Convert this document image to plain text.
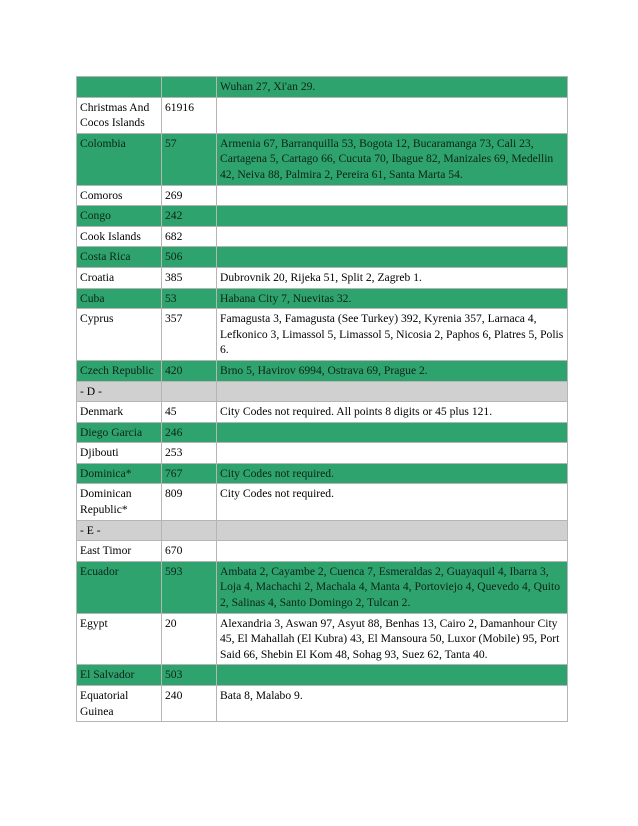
		Wuhan 27, Xi'an 29.
Christmas And Cocos Islands	61916	
Colombia	57	Armenia 67, Barranquilla 53, Bogota 12, Bucaramanga 73, Cali 23, Cartagena 5, Cartago 66, Cucuta 70, Ibague 82, Manizales 69, Medellin 42, Neiva 88, Palmira 2, Pereira 61, Santa Marta 54.
Comoros	269	
Congo	242	
Cook Islands	682	
Costa Rica	506	
Croatia	385	Dubrovnik 20, Rijeka 51, Split 2, Zagreb 1.
Cuba	53	Habana City 7, Nuevitas 32.
Cyprus	357	Famagusta 3, Famagusta (See Turkey) 392, Kyrenia 357, Larnaca 4, Lefkonico 3, Limassol 5, Limassol 5, Nicosia 2, Paphos 6, Platres 5, Polis 6.
Czech Republic	420	Brno 5, Havirov 6994, Ostrava 69, Prague 2.
- D -		
Denmark	45	City Codes not required. All points 8 digits or 45 plus 121.
Diego Garcia	246	
Djibouti	253	
Dominica*	767	City Codes not required.
Dominican Republic*	809	City Codes not required.
- E -		
East Timor	670	
Ecuador	593	Ambata 2, Cayambe 2, Cuenca 7, Esmeraldas 2, Guayaquil 4, Ibarra 3, Loja 4, Machachi 2, Machala 4, Manta 4, Portoviejo 4, Quevedo 4, Quito 2, Salinas 4, Santo Domingo 2, Tulcan 2.
Egypt	20	Alexandria 3, Aswan 97, Asyut 88, Benhas 13, Cairo 2, Damanhour City 45, El Mahallah (El Kubra) 43, El Mansoura 50, Luxor (Mobile) 95, Port Said 66, Shebin El Kom 48, Sohag 93, Suez 62, Tanta 40.
El Salvador	503	
Equatorial Guinea	240	Bata 8, Malabo 9.
